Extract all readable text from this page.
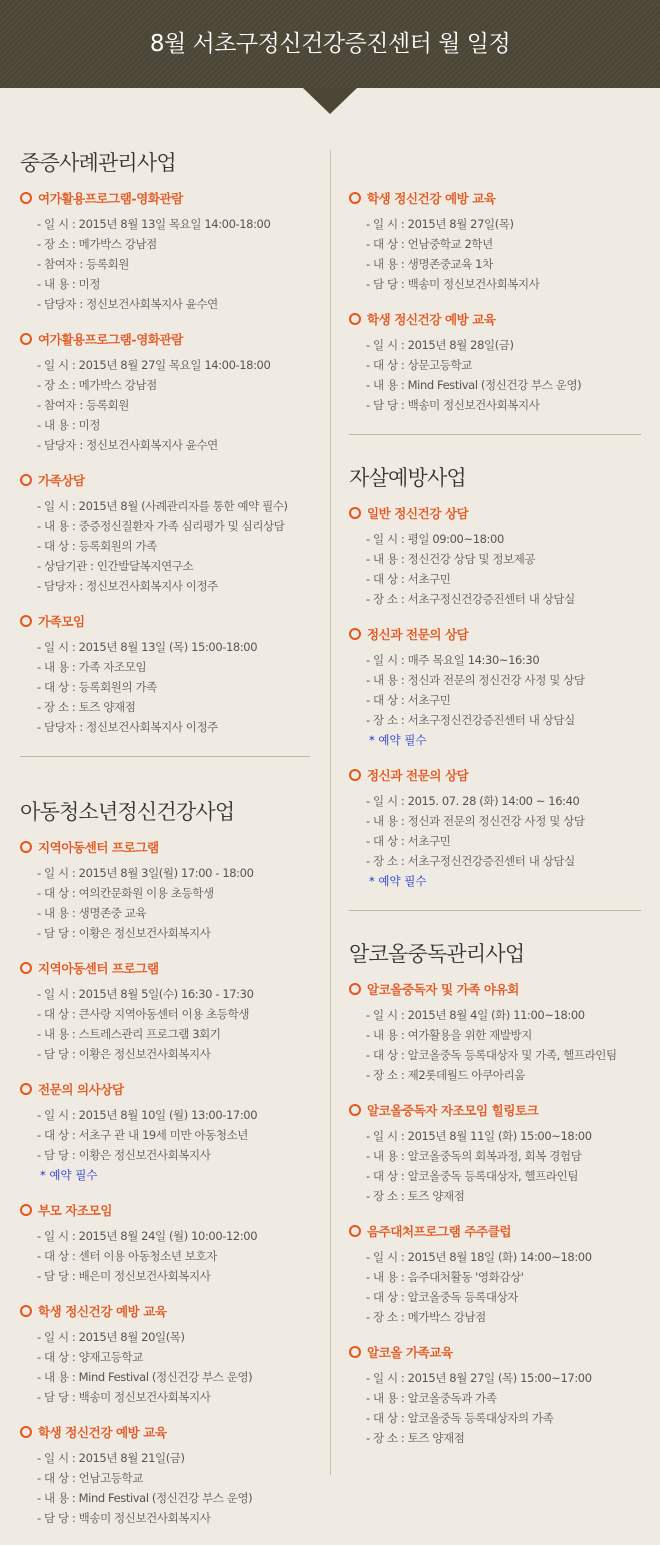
8월 서초구정신건강증진센터 월 일정
중증사례관리사업
여가활용프로그램-영화관람
- 일 시 : 2015년 8월 13일 목요일 14:00-18:00
- 장 소 : 메가박스 강남점
- 참여자 : 등록회원
- 내 용 : 미정
- 담당자 : 정신보건사회복지사 윤수연
여가활용프로그램-영화관람
- 일 시 : 2015년 8월 27일 목요일 14:00-18:00
- 장 소 : 메가박스 강남점
- 참여자 : 등록회원
- 내 용 : 미정
- 담당자 : 정신보건사회복지사 윤수연
가족상담
- 일 시 : 2015년 8월 (사례관리자를 통한 예약 필수)
- 내 용 : 중증정신질환자 가족 심리평가 및 심리상담
- 대 상 : 등록회원의 가족
- 상담기관 : 인간발달복지연구소
- 담당자 : 정신보건사회복지사 이정주
가족모임
- 일 시 : 2015년 8월 13일 (목) 15:00-18:00
- 내 용 : 가족 자조모임
- 대 상 : 등록회원의 가족
- 장 소 : 토즈 양재점
- 담당자 : 정신보건사회복지사 이정주
아동청소년정신건강사업
지역아동센터 프로그램
- 일 시 : 2015년 8월 3일(월) 17:00 - 18:00
- 대 상 : 여의칸문화원 이용 초등학생
- 내 용 : 생명존중 교육
- 담 당 : 이황은 정신보건사회복지사
지역아동센터 프로그램
- 일 시 : 2015년 8월 5일(수) 16:30 - 17:30
- 대 상 : 큰사랑 지역아동센터 이용 초등학생
- 내 용 : 스트레스관리 프로그램 3회기
- 담 당 : 이황은 정신보건사회복지사
전문의 의사상담
- 일 시 : 2015년 8월 10일 (월) 13:00-17:00
- 대 상 : 서초구 관 내 19세 미만 아동청소년
- 담 당 : 이황은 정신보건사회복지사
* 예약 필수
부모 자조모임
- 일 시 : 2015년 8월 24일 (월) 10:00-12:00
- 대 상 : 센터 이용 아동청소년 보호자
- 담 당 : 배은미 정신보건사회복지사
학생 정신건강 예방 교육
- 일 시 : 2015년 8월 20일(목)
- 대 상 : 양재고등학교
- 내 용 : Mind Festival (정신건강 부스 운영)
- 담 당 : 백송미 정신보건사회복지사
학생 정신건강 예방 교육
- 일 시 : 2015년 8월 21일(금)
- 대 상 : 언남고등학교
- 내 용 : Mind Festival (정신건강 부스 운영)
- 담 당 : 백송미 정신보건사회복지사
학생 정신건강 예방 교육
- 일 시 : 2015년 8월 27일(목)
- 대 상 : 언남중학교 2학년
- 내 용 : 생명존중교육 1차
- 담 당 : 백송미 정신보건사회복지사
학생 정신건강 예방 교육
- 일 시 : 2015년 8월 28일(금)
- 대 상 : 상문고등학교
- 내 용 : Mind Festival (정신건강 부스 운영)
- 담 당 : 백송미 정신보건사회복지사
자살예방사업
일반 정신건강 상담
- 일 시 : 평일 09:00~18:00
- 내 용 : 정신건강 상담 및 정보제공
- 대 상 : 서초구민
- 장 소 : 서초구정신건강증진센터 내 상담실
정신과 전문의 상담
- 일 시 : 매주 목요일 14:30~16:30
- 내 용 : 정신과 전문의 정신건강 사정 및 상담
- 대 상 : 서초구민
- 장 소 : 서초구정신건강증진센터 내 상담실
* 예약 필수
정신과 전문의 상담
- 일 시 : 2015. 07. 28 (화) 14:00 ~ 16:40
- 내 용 : 정신과 전문의 정신건강 사정 및 상담
- 대 상 : 서초구민
- 장 소 : 서초구정신건강증진센터 내 상담실
* 예약 필수
알코올중독관리사업
알코올중독자 및 가족 야유회
- 일 시 : 2015년 8월 4일 (화) 11:00~18:00
- 내 용 : 여가활용을 위한 재발방지
- 대 상 : 알코올중독 등록대상자 및 가족, 헬프라인팀
- 장 소 : 제2롯데월드 아쿠아리움
알코올중독자 자조모임 힐링토크
- 일 시 : 2015년 8월 11일 (화) 15:00~18:00
- 내 용 : 알코올중독의 회복과정, 회복 경험담
- 대 상 : 알코올중독 등록대상자, 헬프라인팀
- 장 소 : 토즈 양재점
음주대처프로그램 주주클럽
- 일 시 : 2015년 8월 18일 (화) 14:00~18:00
- 내 용 : 음주대처활동 '영화감상'
- 대 상 : 알코올중독 등록대상자
- 장 소 : 메가박스 강남점
알코올 가족교육
- 일 시 : 2015년 8월 27일 (목) 15:00~17:00
- 내 용 : 알코올중독과 가족
- 대 상 : 알코올중독 등록대상자의 가족
- 장 소 : 토즈 양재점
